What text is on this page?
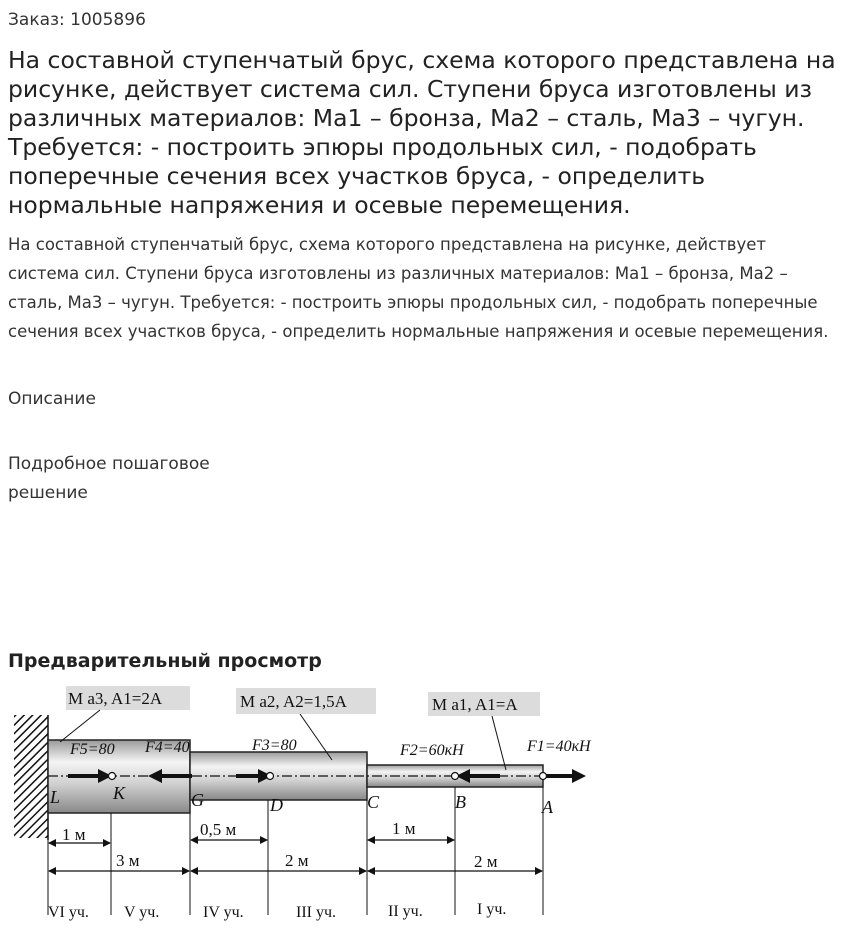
Заказ: 1005896
На составной ступенчатый брус, схема которого представлена на рисунке, действует система сил. Ступени бруса изготовлены из различных материалов: Ма1 – бронза, Ма2 – сталь, Ма3 – чугун. Требуется: - построить эпюры продольных сил, - подобрать поперечные сечения всех участков бруса, - определить нормальные напряжения и осевые перемещения.

На составной ступенчатый брус, схема которого представлена на рисунке, действует система сил. Ступени бруса изготовлены из различных материалов: Ма1 – бронза, Ма2 – сталь, Ма3 – чугун. Требуется: - построить эпюры продольных сил, - подобрать поперечные сечения всех участков бруса, - определить нормальные напряжения и осевые перемещения.

Описание
Подробное пошаговое решение
Предварительный просмотр
M a3, A1=2A	M a2, A2=1,5A	M a1, A1=A
F5=80 F4=40	F3=80	F2=60кН	F1=40кН
L	K	G	D	C	B	A
1 м
3 м
0,5 м
2 м
1 м
2 м
VI уч. V уч.	IV уч.	III уч.	II уч.	I уч.
